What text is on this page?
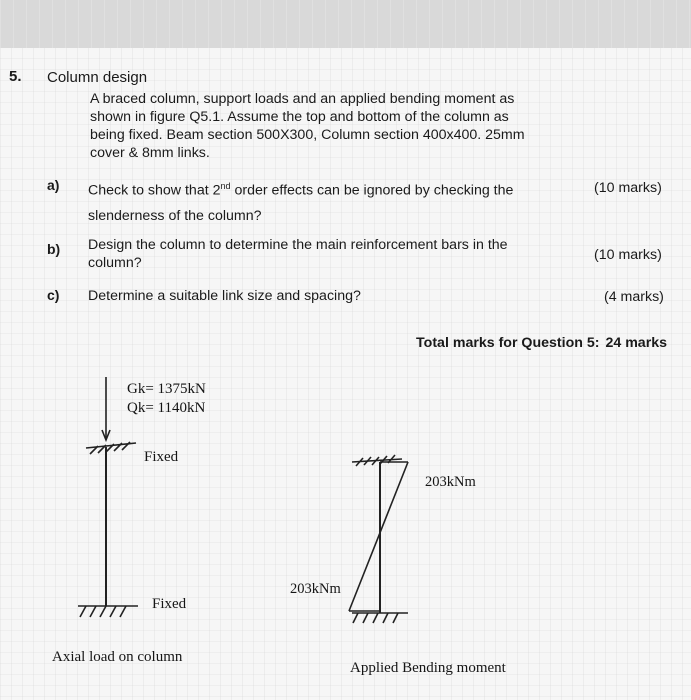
5. Column design
A braced column, support loads and an applied bending moment as
shown in figure Q5.1. Assume the top and bottom of the column as
being fixed. Beam section 500X300, Column section 400x400. 25mm
cover & 8mm links.
a) Check to show that 2nd order effects can be ignored by checking the
slenderness of the column?
(10 marks)
b) Design the column to determine the main reinforcement bars in the
column?	(10 marks)
c) Determine a suitable link size and spacing?	(4 marks)
Total marks for Question 5: 24 marks
Gk= 1375kN
Qk= 1140kN
Fixed
Fixed
Axial load on column
203kNm
203kNm
Applied Bending moment
